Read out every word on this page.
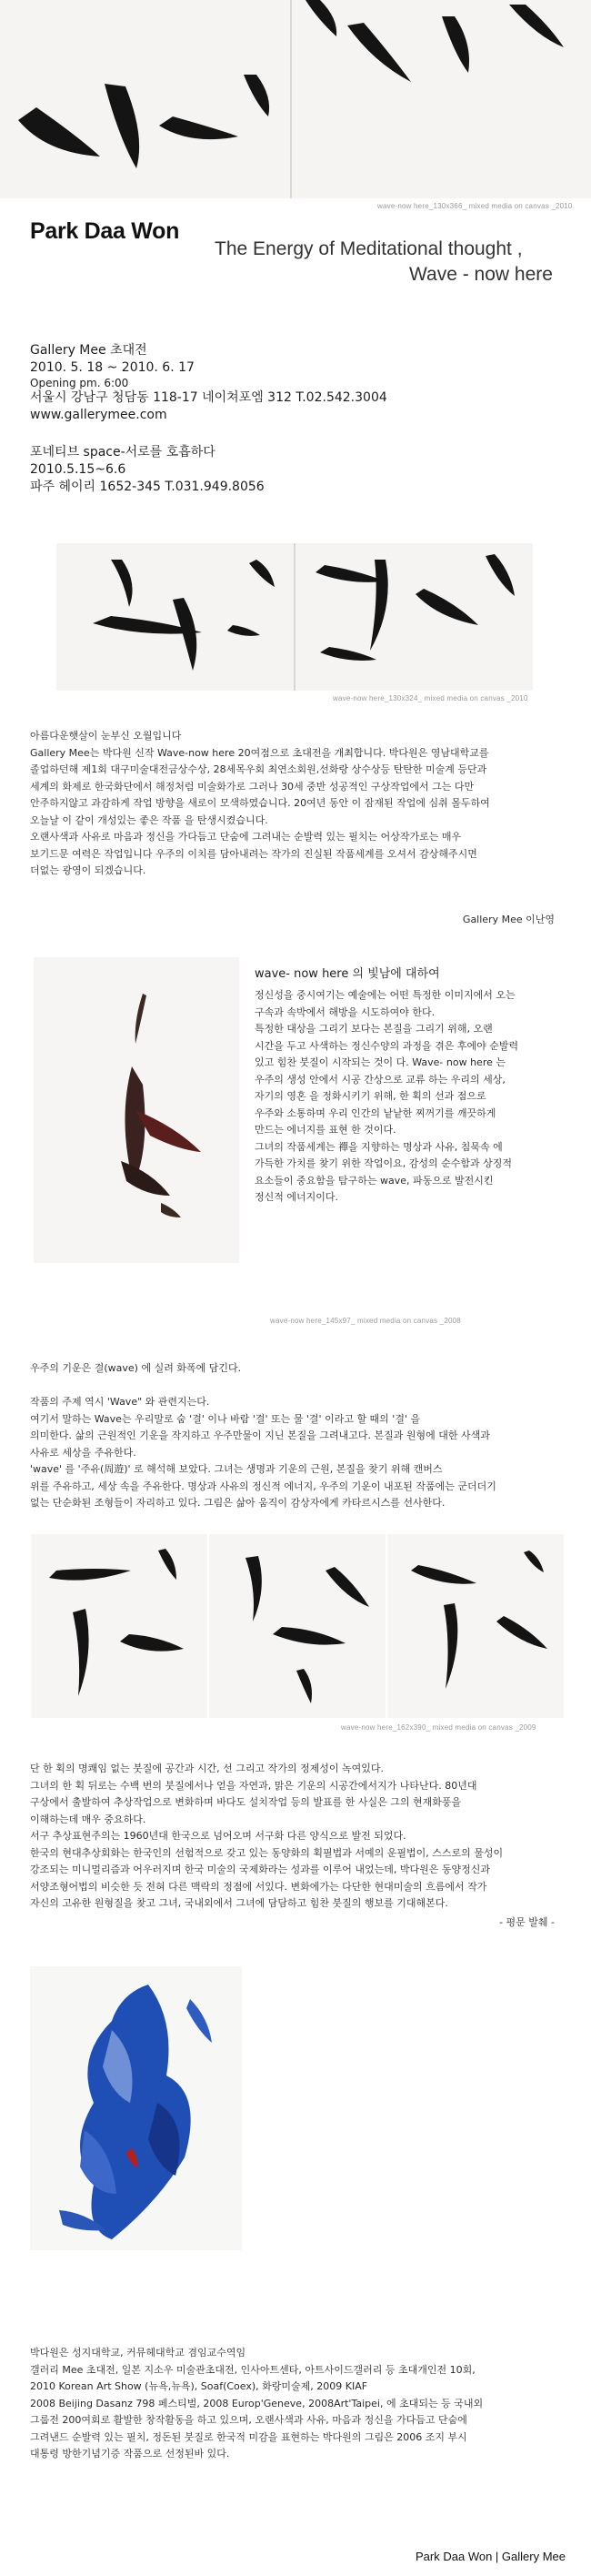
wave-now here_130x366_ mixed media on canvas _2010
Park Daa Won
The Energy of Meditational thought ,
Wave - now here
Gallery Mee 초대전
2010. 5. 18 ~ 2010. 6. 17
Opening pm. 6:00
서울시 강남구 청담동 118-17 네이쳐포엠 312 T.02.542.3004
www.gallerymee.com
포네티브 space-서로를 호흡하다
2010.5.15~6.6
파주 헤이리 1652-345 T.031.949.8056
wave-now here_130x324_ mixed media on canvas _2010
아름다운햇살이 눈부신 오월입니다
Gallery Mee는 박다원 신작 Wave-now here 20여점으로 초대전을 개최합니다. 박다원은 영남대학교를
졸업하던해 제1회 대구미술대전금상수상, 28세목우회 최연소회원,선화랑 상수상등 탄탄한 미술계 등단과
세계의 화제로 한국화단에서 해정처럼 미술화가로 그러나 30세 중반 성공적인 구상작업에서 그는 다만
안주하지않고 과감하게 작업 방향을 새로이 모색하였습니다. 20여년 동안 이 잠재된 작업에 심취 몰두하여
오늘날 이 같이 개성있는 좋은 작품 을 탄생시켰습니다.
오랜사색과 사유로 마음과 정신을 가다듬고 단숨에 그려내는 순발력 있는 필치는 어상작가로는 매우
보기드문 여력은 작업입니다 우주의 이치를 담아내려는 작가의 진실된 작품세계를 오셔서 감상해주시면
더없는 광영이 되겠습니다.
Gallery Mee 이난영
wave-now here_145x97_ mixed media on canvas _2008
wave- now here 의 빛남에 대하여
정신성을 중시여기는 예술에는 어떤 특정한 이미지에서 오는
구속과 속박에서 해방을 시도하여야 한다.
특정한 대상을 그리기 보다는 본질을 그리기 위해, 오랜
시간을 두고 사색하는 정신수양의 과정을 겪은 후에야 순발력
있고 힘찬 붓질이 시작되는 것이 다. Wave- now here 는
우주의 생성 안에서 시공 간상으로 교류 하는 우리의 세상,
자기의 영혼 을 정화시키기 위해, 한 획의 선과 점으로
우주와 소통하며 우리 인간의 낱낱한 찌꺼기를 깨끗하게
만드는 에너지를 표현 한 것이다.
그녀의 작품세계는 禪을 지향하는 명상과 사유, 침묵속 에
가득한 가치를 찾기 위한 작업이요, 감성의 순수함과 상징적
요소들이 중요함을 탐구하는 wave, 파동으로 발전시킨
정신적 에너지이다.
우주의 기운은 결(wave) 에 실려 화폭에 담긴다.
작품의 주제 역시 'Wave" 와 관련지는다.
여기서 말하는 Wave는 우리말로 숨 '결' 이나 바람 '결' 또는 물 '결' 이라고 할 때의 '결' 을
의미한다. 삶의 근원적인 기운을 작지하고 우주만물이 지닌 본질을 그려내고다. 본질과 원형에 대한 사색과
사유로 세상을 주유한다.
'wave' 를 '주유(周遊)' 로 해석해 보았다. 그녀는 생명과 기운의 근원, 본질을 찾기 위해 캔버스
위를 주유하고, 세상 속을 주유한다. 명상과 사유의 정신적 에너지, 우주의 기운이 내포된 작품에는 군더더기
없는 단순화된 조형들이 자리하고 있다. 그림은 삶아 움직이 감상자에게 카타르시스를 선사한다.
wave-now here_162x390_ mixed media on canvas _2009
단 한 획의 명쾌임 없는 붓질에 공간과 시간, 선 그리고 작가의 정제성이 녹여있다.
그녀의 한 획 뒤로는 수백 번의 붓질에서나 얻을 자연과, 맑은 기운의 시공간에서지가 나타난다. 80년대
구상에서 출발하여 추상작업으로 변화하며 바다도 설치작업 등의 발표를 한 사실은 그의 현재화풍을
이해하는데 매우 중요하다.
서구 추상표현주의는 1960년대 한국으로 넘어오며 서구화 다른 양식으로 발전 되었다.
한국의 현대추상회화는 한국인의 선험적으로 갖고 있는 동양화의 획필법과 서예의 운필법이, 스스로의 물성이
강조되는 미니멀리즘과 어우러지며 한국 미술의 국제화라는 성과를 이루어 내었는데, 박다원은 동양정신과
서양조형어법의 비슷한 듯 전혀 다른 맥락의 정점에 서있다. 변화에가는 다단한 현대미술의 흐름에서 작가
자신의 고유한 원형질을 찾고 그녀, 국내외에서 그녀에 담담하고 힘찬 붓질의 행보를 기대해본다.
- 평문 발췌 -
박다원은 성지대학교, 커뮤헤대학교 겸임교수역임
갤러리 Mee 초대전, 일본 지소우 미술관초대전, 인사아트센타, 아트사이드갤러리 등 초대개인전 10회,
2010 Korean Art Show (뉴욕,뉴욕), Soaf(Coex), 화랑미술제, 2009 KIAF
2008 Beijing Dasanz 798 페스티벌, 2008 Europ'Geneve, 2008Art'Taipei, 에 초대되는 등 국내외
그룹전 200여회로 활발한 창작활동을 하고 있으며, 오랜사색과 사유, 마음과 정신을 가다듬고 단숨에
그려낸드 순발력 있는 필치, 정돈된 붓질로 한국적 미감을 표현하는 박다원의 그림은 2006 조지 부시
대통령 방한기념기증 작품으로 선정된바 있다.
Park Daa Won | Gallery Mee
